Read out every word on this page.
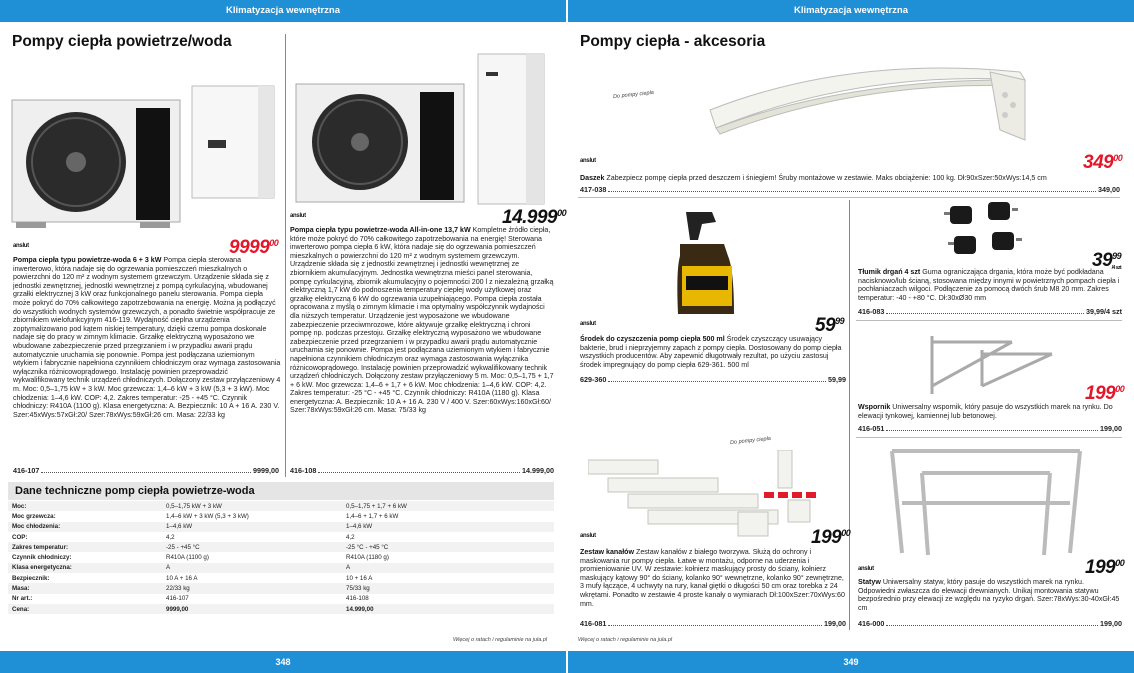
Klimatyzacja wewnętrzna	Klimatyzacja wewnętrzna
348	349
Pompy ciepła powietrze/woda	Pompy ciepła - akcesoria
$^{anslut}$	9999$^{00}$
Pompa ciepła typu powietrze-woda 6 + 3 kW Pompa ciepła sterowana inwerterowo, która nadaje się do ogrzewania pomieszczeń mieszkalnych o powierzchni do 120 m² z wodnym systemem grzewczym. Urządzenie składa się z jednostki zewnętrznej, jednostki wewnętrznej z pompą cyrkulacyjną, wbudowanej grzałki elektrycznej 3 kW oraz funkcjonalnego panelu sterowania. Pompa ciepła może pokryć do 70% całkowitego zapotrzebowania na energię. Można ją podłączyć do wszystkich wodnych systemów grzewczych, a ponadto świetnie współpracuje ze zbiornikiem wielofunkcyjnym 416-119. Wydajność cieplna urządzenia zoptymalizowano pod kątem niskiej temperatury, dzięki czemu pompa doskonale nadaje się do pracy w zimnym klimacie. Grzałkę elektryczną wyposażono we wbudowane zabezpieczenie przed przegrzaniem i w przypadku awarii prądu automatycznie uruchamia się ponownie. Pompa jest podłączana uziemionym wtykiem i fabrycznie napełniona czynnikiem chłodniczym oraz wymaga zastosowania wyłącznika różnicowoprądowego. Instalację powinien przeprowadzić wykwalifikowany technik urządzeń chłodniczych. Dołączony zestaw przyłączeniowy 4 m. Moc: 0,5–1,75 kW + 3 kW. Moc grzewcza: 1,4–6 kW + 3 kW (5,3 + 3 kW). Moc chłodzenia: 1–4,6 kW. COP: 4,2. Zakres temperatur: -25 - +45 °C. Czynnik chłodniczy: R410A (1100 g). Klasa energetyczna: A. Bezpiecznik: 10 A + 16 A. 230 V. Szer:45xWys:57xGł:20/ Szer:78xWys:59xGł:26 cm. Masa: 22/33 kg
416-107	9999,00
$^{anslut}$	14.999$^{00}$
Pompa ciepła typu powietrze-woda All-in-one 13,7 kW Kompletne źródło ciepła, które może pokryć do 70% całkowitego zapotrzebowania na energię! Sterowana inwerterowo pompa ciepła 6 kW, która nadaje się do ogrzewania pomieszczeń mieszkalnych o powierzchni do 120 m² z wodnym systemem grzewczym. Urządzenie składa się z jednostki zewnętrznej i jednostki wewnętrznej ze zbiornikiem akumulacyjnym. Jednostka wewnętrzna mieści panel sterowania, pompę cyrkulacyjną, zbiornik akumulacyjny o pojemności 200 l z niezależną grzałką elektryczną 1,7 kW do podnoszenia temperatury ciepłej wody użytkowej oraz grzałkę elektryczną 6 kW do ogrzewania uzupełniającego. Pompa ciepła została opracowana z myślą o zimnym klimacie i ma optymalny współczynnik wydajności dla niższych temperatur. Urządzenie jest wyposażone we wbudowane zabezpieczenie przeciwmrozowe, które aktywuje grzałkę elektryczną i chroni pompę np. podczas przestoju. Grzałkę elektryczną wyposażono we wbudowane zabezpieczenie przed przegrzaniem i w przypadku awarii prądu automatycznie uruchamia się ponownie. Pompa jest podłączana uziemionym wtykiem i fabrycznie napełniona czynnikiem chłodniczym oraz wymaga zastosowania wyłącznika różnicowoprądowego. Instalację powinien przeprowadzić wykwalifikowany technik urządzeń chłodniczych. Dołączony zestaw przyłączeniowy 5 m. Moc: 0,5–1,75 + 1,7 + 6 kW. Moc grzewcza: 1,4–6 + 1,7 + 6 kW. Moc chłodzenia: 1–4,6 kW. COP: 4,2. Zakres temperatur: -25 °C - +45 °C. Czynnik chłodniczy: R410A (1180 g). Klasa energetyczna: A. Bezpiecznik: 10 A + 16 A. 230 V / 400 V. Szer:60xWys:160xGł:60/ Szer:78xWys:59xGł:26 cm. Masa: 75/33 kg
416-108	14.999,00
Dane techniczne pomp ciepła powietrze-woda
Moc:	0,5–1,75 kW + 3 kW	0,5–1,75 + 1,7 + 6 kW
Moc grzewcza:	1,4–6 kW + 3 kW (5,3 + 3 kW)	1,4–6 + 1,7 + 6 kW
Moc chłodzenia:	1–4,6 kW	1–4,6 kW
COP:	4,2	4,2
Zakres temperatur:	-25 - +45 °C	-25 °C - +45 °C
Czynnik chłodniczy:	R410A (1100 g)	R410A (1180 g)
Klasa energetyczna:	A	A
Bezpiecznik:	10 A + 16 A	10 + 16 A
Masa:	22/33 kg	75/33 kg
Nr art.:	416-107	416-108
Cena:	9999,00	14.999,00
Więcej o ratach i regulaminie na jula.pl	Więcej o ratach i regulaminie na jula.pl
Do pompy ciepła
$^{anslut}$	$349^{00}$
Daszek Zabezpiecz pompę ciepła przed deszczem i śniegiem! Śruby montażowe w zestawie. Maks obciążenie: 100 kg. Dł:90xSzer:50xWys:14,5 cm
417-038	349,00
$^{anslut}$	$59^{99}$
Środek do czyszczenia pomp ciepła 500 ml Środek czyszczący usuwający bakterie, brud i nieprzyjemny zapach z pompy ciepła. Dostosowany do pomp ciepła wszystkich producentów. Aby zapewnić długotrwały rezultat, po użyciu zastosuj środek impregnujący do pomp ciepła 629-361. 500 ml
629-360	59,99
$39^{99}$
/4 szt
Tłumik drgań 4 szt Guma ograniczająca drgania, która może być podkładana nacisknowo/lub ścianą, stosowana między innymi w powietrznych pompach ciepła i pochłaniaczach wilgoci. Podłączenie za pomocą dwóch śrub M8 20 mm. Zakres temperatur: -40 - +80 °C. Dł:30xØ30 mm
416-083	39,99/4 szt
$199^{00}$
Wspornik Uniwersalny wspornik, który pasuje do wszystkich marek na rynku. Do elewacji tynkowej, kamiennej lub betonowej.
416-051	199,00
Do pompy ciepła
$^{anslut}$	$199^{00}$
Zestaw kanałów Zestaw kanałów z białego tworzywa. Służą do ochrony i maskowania rur pompy ciepła. Łatwe w montażu, odporne na uderzenia i promieniowanie UV. W zestawie: kołnierz maskujący prosty do ściany, kołnierz maskujący kątowy 90° do ściany, kolanko 90° wewnętrzne, kolanko 90° zewnętrzne, 3 mufy łączące, 4 uchwyty na rury, kanał giętki o długości 50 cm oraz torebka z 24 wkrętami. Ponadto w zestawie 4 proste kanały o wymiarach Dł:100xSzer:70xWys:60 mm.
416-081	199,00
$^{anslut}$	$199^{00}$
Statyw Uniwersalny statyw, który pasuje do wszystkich marek na rynku. Odpowiedni zwłaszcza do elewacji drewnianych. Unikaj montowania statywu bezpośrednio przy elewacji ze względu na ryzyko drgań. Szer:78xWys:30-40xGł:45 cm
416-000	199,00
